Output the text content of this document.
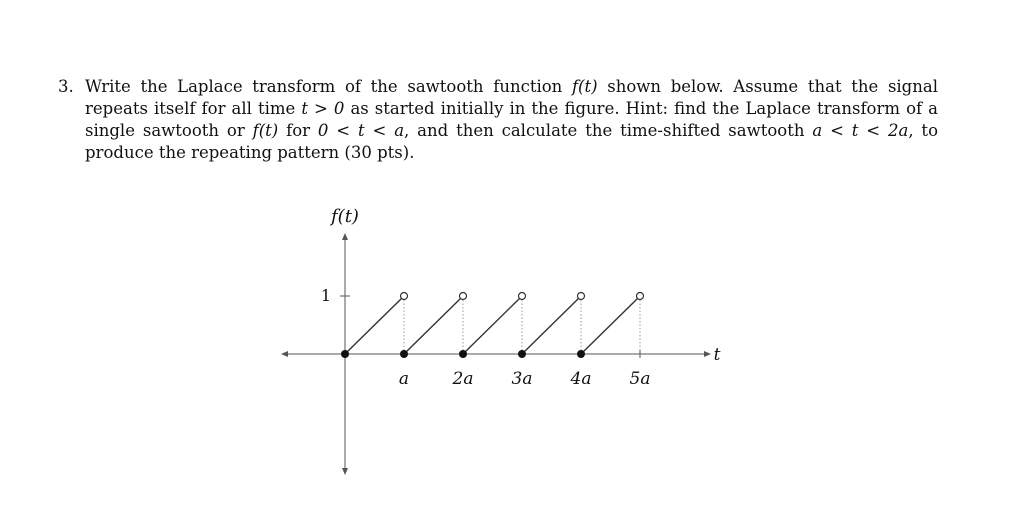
3. Write the Laplace transform of the sawtooth function f(t) shown below. Assume that the signal repeats itself for all time t > 0 as started initially in the figure. Hint: find the Laplace transform of a single sawtooth or f(t) for 0 < t < a, and then calculate the time-shifted sawtooth a < t < 2a, to produce the repeating pattern (30 pts).
f(t)
t
1
a	2a 3a 4a 5a
